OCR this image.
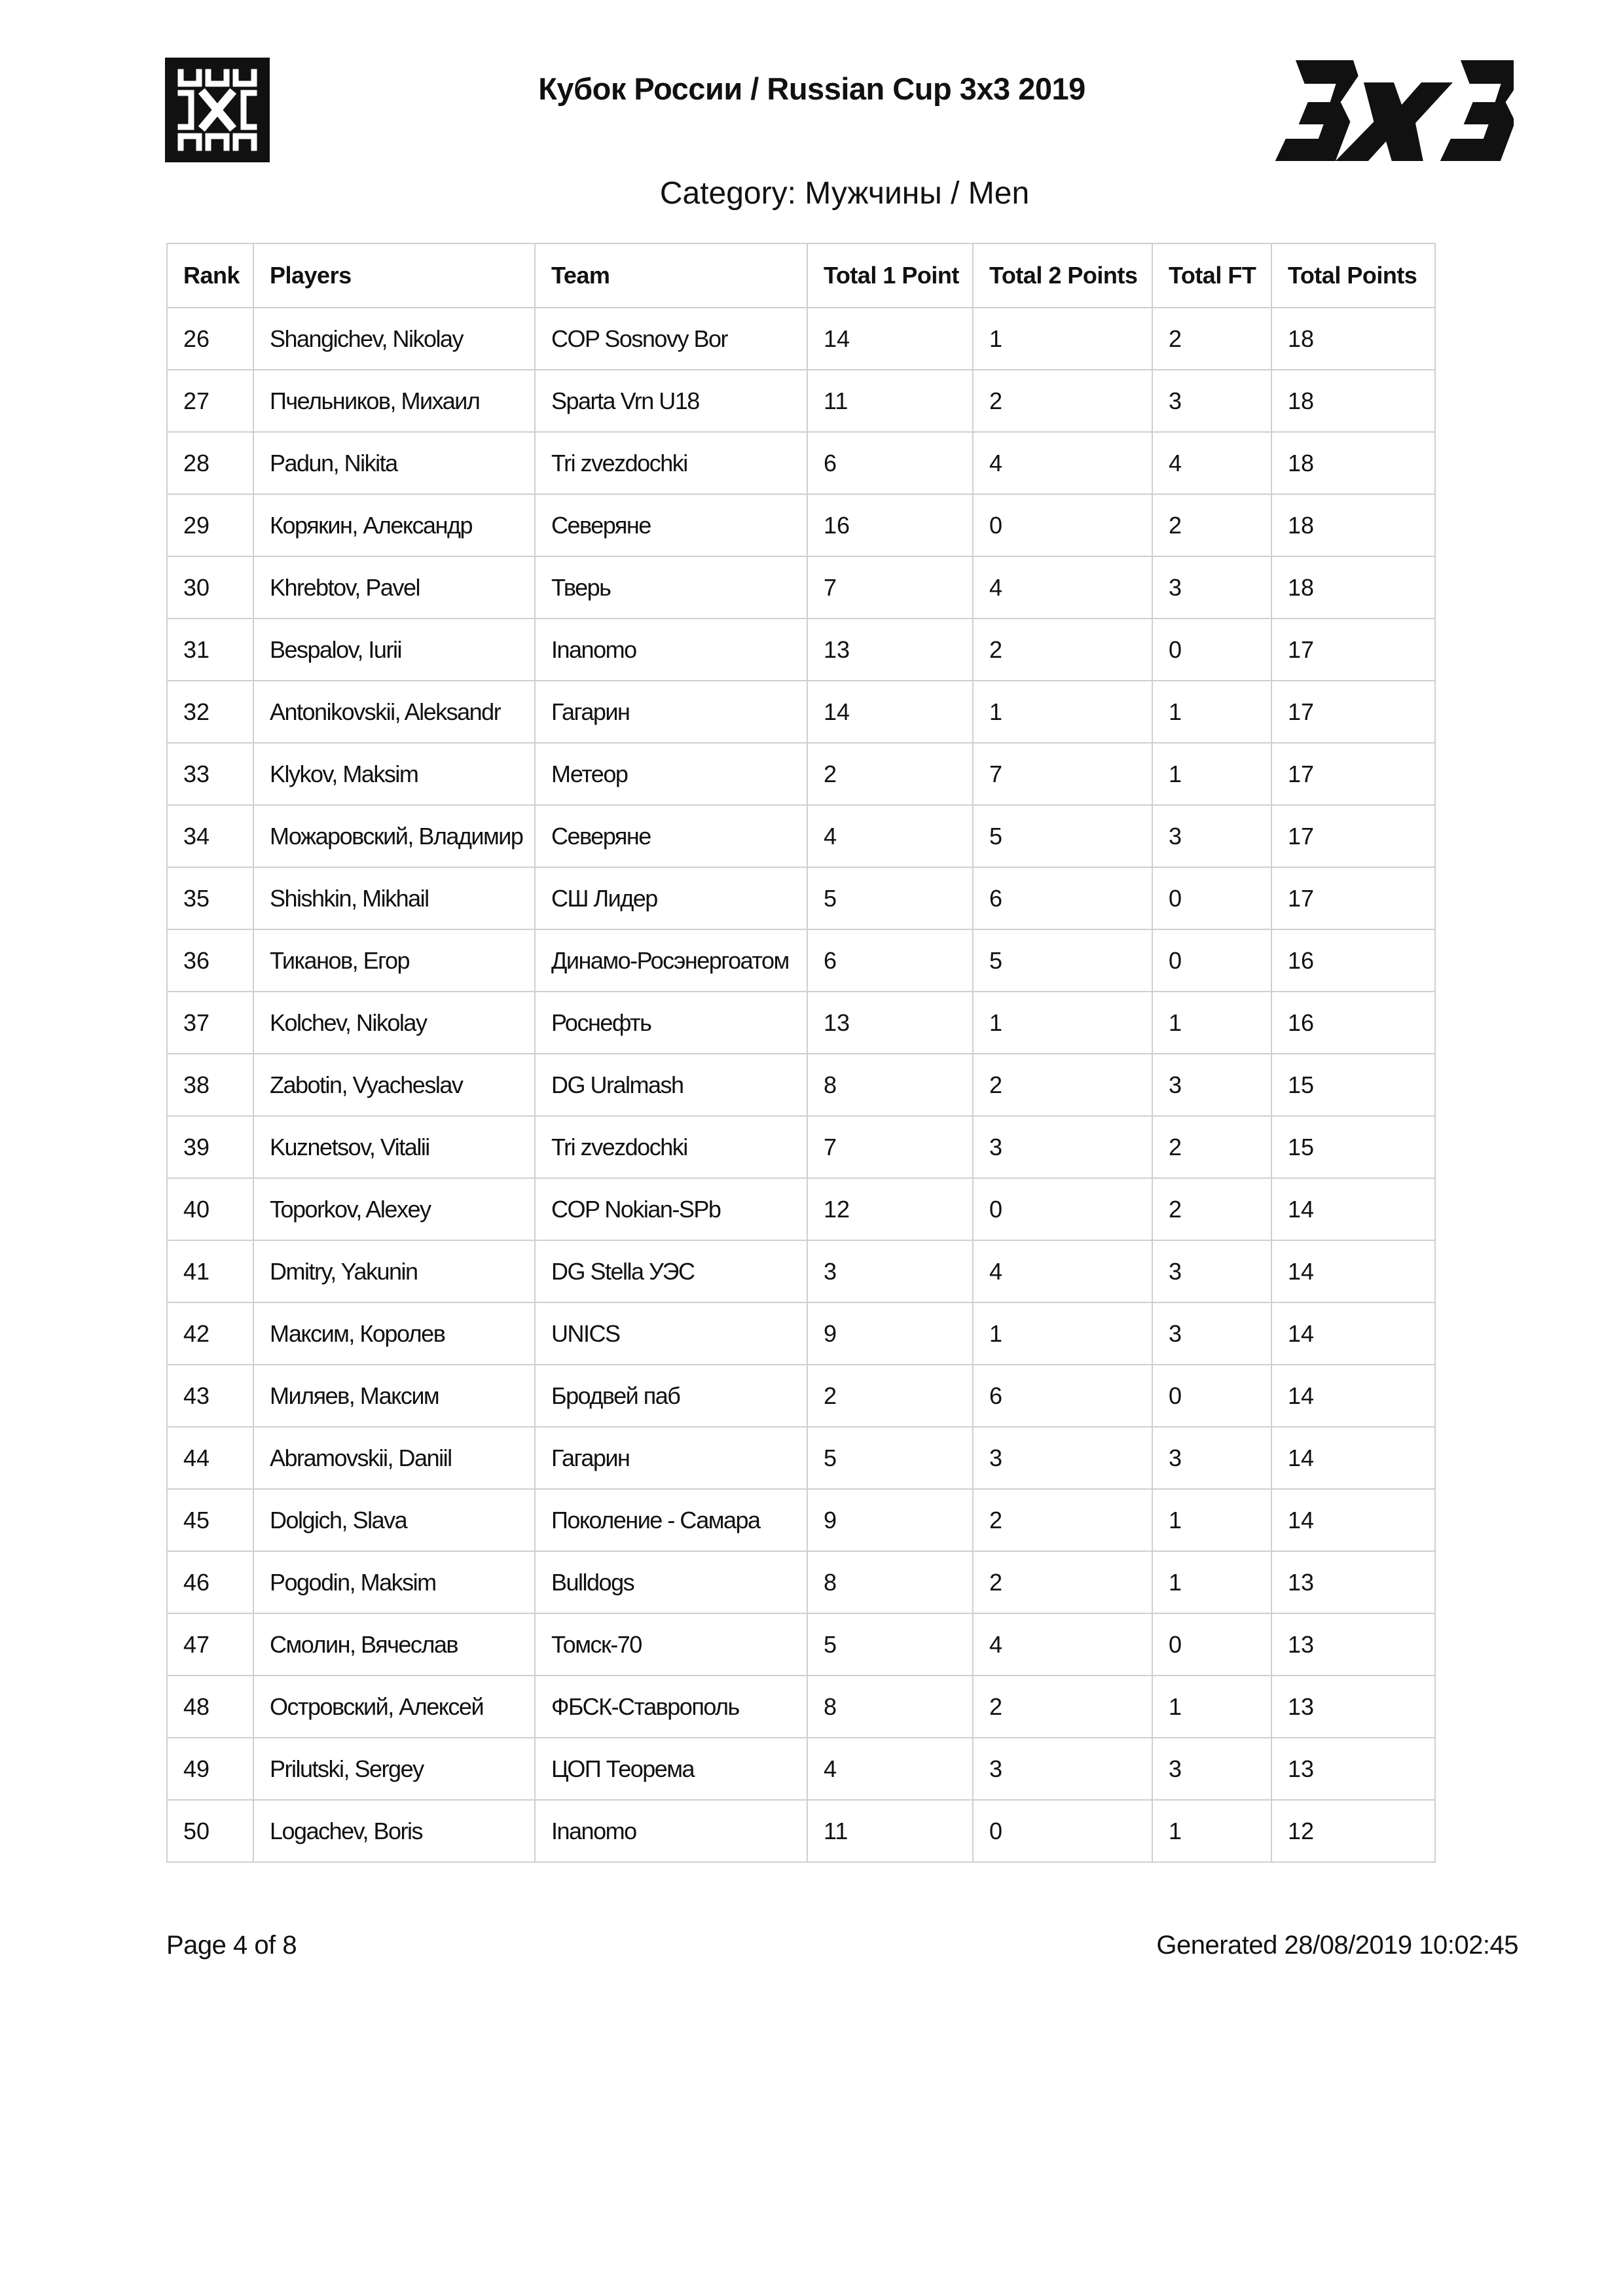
Кубок России / Russian Cup 3x3 2019
Category: Мужчины / Men
Rank	Players	Team	Total 1 Point	Total 2 Points	Total FT	Total Points
26	Shangichev, Nikolay	COP Sosnovy Bor	14	1	2	18
27	Пчельников, Михаил	Sparta Vrn U18	11	2	3	18
28	Padun, Nikita	Tri zvezdochki	6	4	4	18
29	Корякин, Александр	Северяне	16	0	2	18
30	Khrebtov, Pavel	Тверь	7	4	3	18
31	Bespalov, Iurii	Inanomo	13	2	0	17
32	Antonikovskii, Aleksandr	Гагарин	14	1	1	17
33	Klykov, Maksim	Метеор	2	7	1	17
34	Можаровский, Владимир	Северяне	4	5	3	17
35	Shishkin, Mikhail	СШ Лидер	5	6	0	17
36	Тиканов, Егор	Динамо-Росэнергоатом	6	5	0	16
37	Kolchev, Nikolay	Роснефть	13	1	1	16
38	Zabotin, Vyacheslav	DG Uralmash	8	2	3	15
39	Kuznetsov, Vitalii	Tri zvezdochki	7	3	2	15
40	Toporkov, Alexey	COP Nokian-SPb	12	0	2	14
41	Dmitry, Yakunin	DG Stella УЭС	3	4	3	14
42	Максим, Королев	UNICS	9	1	3	14
43	Миляев, Максим	Бродвей паб	2	6	0	14
44	Abramovskii, Daniil	Гагарин	5	3	3	14
45	Dolgich, Slava	Поколение - Самара	9	2	1	14
46	Pogodin, Maksim	Bulldogs	8	2	1	13
47	Смолин, Вячеслав	Томск-70	5	4	0	13
48	Островский, Алексей	ФБСК-Ставрополь	8	2	1	13
49	Prilutski, Sergey	ЦОП Теорема	4	3	3	13
50	Logachev, Boris	Inanomo	11	0	1	12
Page 4 of 8	Generated 28/08/2019 10:02:45
